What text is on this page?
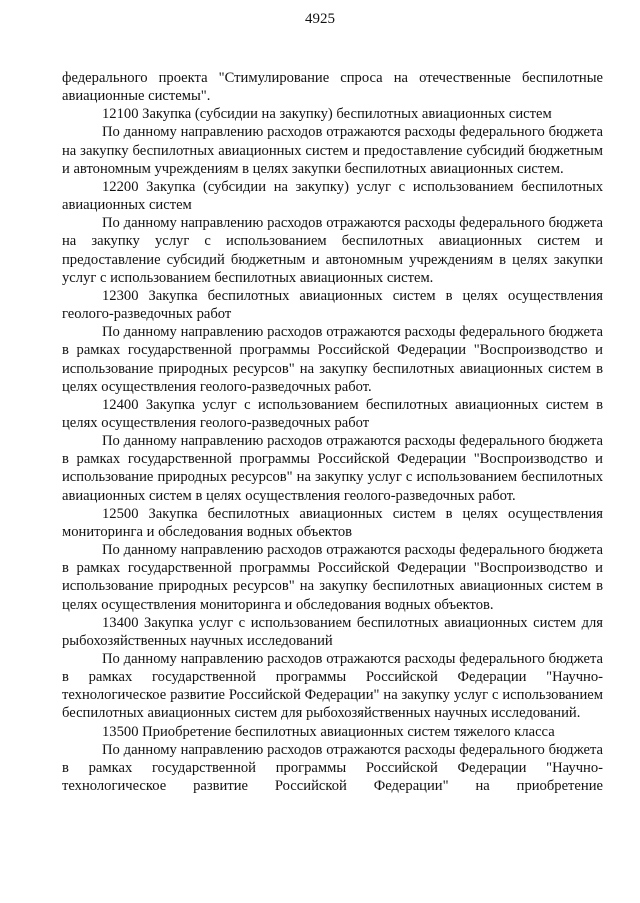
4925

федерального проекта "Стимулирование спроса на отечественные беспилотные авиационные системы".

12100 Закупка (субсидии на закупку) беспилотных авиационных систем

По данному направлению расходов отражаются расходы федерального бюджета на закупку беспилотных авиационных систем и предоставление субсидий бюджетным и автономным учреждениям в целях закупки беспилотных авиационных систем.

12200 Закупка (субсидии на закупку) услуг с использованием беспилотных авиационных систем

По данному направлению расходов отражаются расходы федерального бюджета на закупку услуг с использованием беспилотных авиационных систем и предоставление субсидий бюджетным и автономным учреждениям в целях закупки услуг с использованием беспилотных авиационных систем.

12300 Закупка беспилотных авиационных систем в целях осуществления геолого-разведочных работ

По данному направлению расходов отражаются расходы федерального бюджета в рамках государственной программы Российской Федерации "Воспроизводство и использование природных ресурсов" на закупку беспилотных авиационных систем в целях осуществления геолого-разведочных работ.

12400 Закупка услуг с использованием беспилотных авиационных систем в целях осуществления геолого-разведочных работ

По данному направлению расходов отражаются расходы федерального бюджета в рамках государственной программы Российской Федерации "Воспроизводство и использование природных ресурсов" на закупку услуг с использованием беспилотных авиационных систем в целях осуществления геолого-разведочных работ.

12500 Закупка беспилотных авиационных систем в целях осуществления мониторинга и обследования водных объектов

По данному направлению расходов отражаются расходы федерального бюджета в рамках государственной программы Российской Федерации "Воспроизводство и использование природных ресурсов" на закупку беспилотных авиационных систем в целях осуществления мониторинга и обследования водных объектов.

13400 Закупка услуг с использованием беспилотных авиационных систем для рыбохозяйственных научных исследований

По данному направлению расходов отражаются расходы федерального бюджета в рамках государственной программы Российской Федерации "Научно-технологическое развитие Российской Федерации" на закупку услуг с использованием беспилотных авиационных систем для рыбохозяйственных научных исследований.

13500 Приобретение беспилотных авиационных систем тяжелого класса

По данному направлению расходов отражаются расходы федерального бюджета в рамках государственной программы Российской Федерации "Научно-технологическое развитие Российской Федерации" на приобретение
